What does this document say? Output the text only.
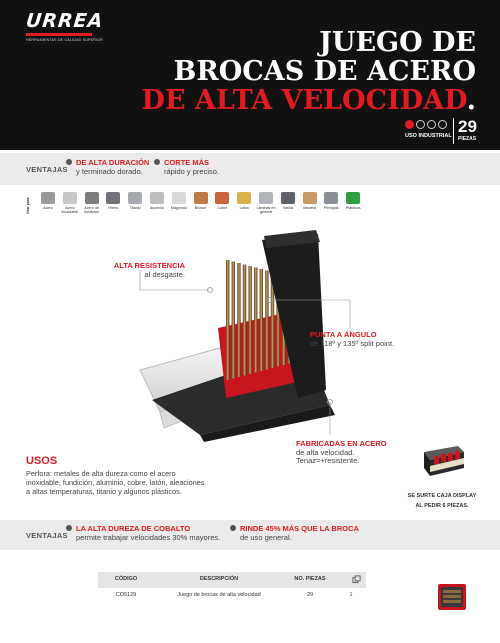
URREA
HERRAMIENTAS DE CALIDAD SUPERIOR	JUEGO DE
BROCAS DE ACERO
DE ALTA VELOCIDAD.
USO INDUSTRIAL 29
PIEZAS
VENTAJAS
DE ALTA DURACIÓN
y terminado dorado.
CORTE MÁS
rápido y preciso.
Usar para:	Acero	Acero inoxidable
Acero de fundición
Hierro	Titanio	Aluminio	Magnesio	Bronce	Cobre	Latón	Láminas en general
Varilla	Madera	Plexiglás	Plásticos
ALTA RESISTENCIA
al desgaste.
PUNTA A ÁNGULO
de 118º y 135º split point.
FABRICADAS EN ACERO
de alta velocidad.
Tenaz=+resistente.
USOS

Perfora: metales de alta dureza como el acero inoxidable, fundición, aluminio, cobre, latón, aleaciones a altas temperaturas, titanio y algunos plásticos.	SE SURTE CAJA DISPLAY
AL PEDIR 6 PIEZAS.
VENTAJAS
LA ALTA DUREZA DE COBALTO
permite trabajar velocidades 30% mayores.
RINDE 45% MÁS QUE LA BROCA
de uso general.
CÓDIGO	DESCRIPCIÓN	NO. PIEZAS
CO5129	Juego de brocas de alta velocidad	29	1
